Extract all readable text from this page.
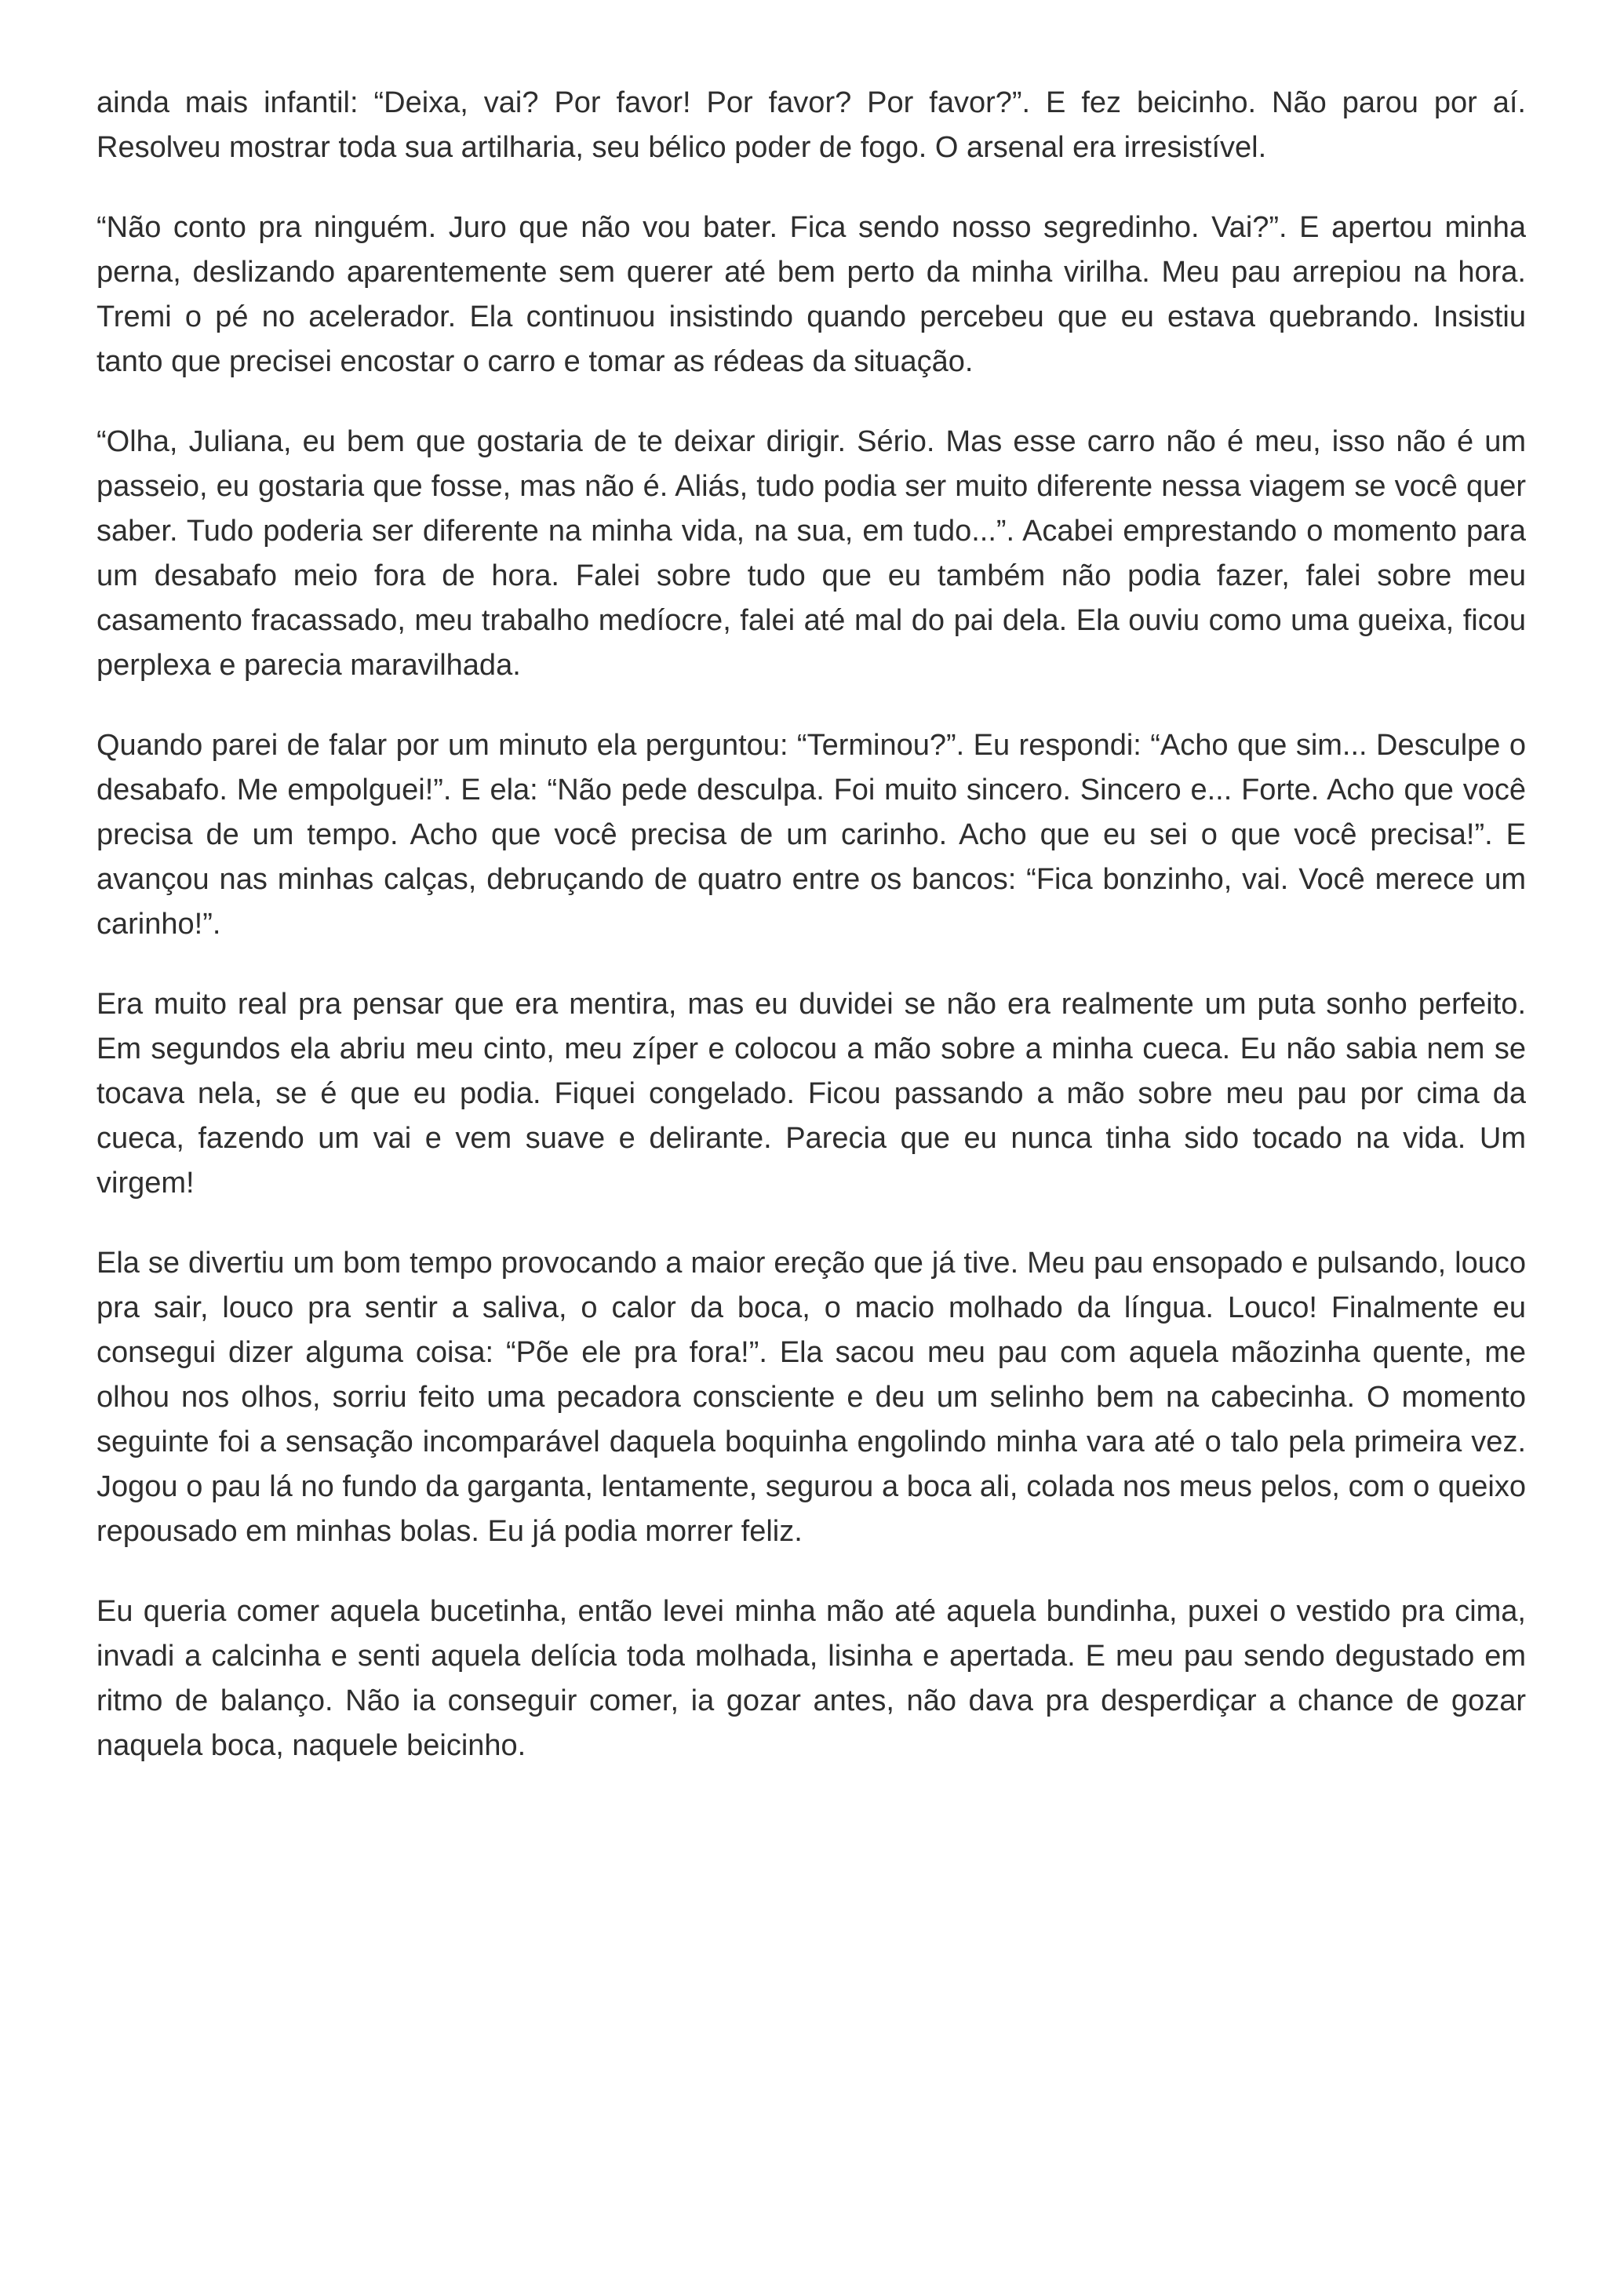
ainda mais infantil: “Deixa, vai? Por favor! Por favor? Por favor?”. E fez beicinho. Não parou por aí. Resolveu mostrar toda sua artilharia, seu bélico poder de fogo. O arsenal era irresistível.

“Não conto pra ninguém. Juro que não vou bater. Fica sendo nosso segredinho. Vai?”. E apertou minha perna, deslizando aparentemente sem querer até bem perto da minha virilha. Meu pau arrepiou na hora. Tremi o pé no acelerador. Ela continuou insistindo quando percebeu que eu estava quebrando. Insistiu tanto que precisei encostar o carro e tomar as rédeas da situação.

“Olha, Juliana, eu bem que gostaria de te deixar dirigir. Sério. Mas esse carro não é meu, isso não é um passeio, eu gostaria que fosse, mas não é. Aliás, tudo podia ser muito diferente nessa viagem se você quer saber. Tudo poderia ser diferente na minha vida, na sua, em tudo...”. Acabei emprestando o momento para um desabafo meio fora de hora. Falei sobre tudo que eu também não podia fazer, falei sobre meu casamento fracassado, meu trabalho medíocre, falei até mal do pai dela. Ela ouviu como uma gueixa, ficou perplexa e parecia maravilhada.

Quando parei de falar por um minuto ela perguntou: “Terminou?”. Eu respondi: “Acho que sim... Desculpe o desabafo. Me empolguei!”. E ela: “Não pede desculpa. Foi muito sincero. Sincero e... Forte. Acho que você precisa de um tempo. Acho que você precisa de um carinho. Acho que eu sei o que você precisa!”. E avançou nas minhas calças, debruçando de quatro entre os bancos: “Fica bonzinho, vai. Você merece um carinho!”.

Era muito real pra pensar que era mentira, mas eu duvidei se não era realmente um puta sonho perfeito. Em segundos ela abriu meu cinto, meu zíper e colocou a mão sobre a minha cueca. Eu não sabia nem se tocava nela, se é que eu podia. Fiquei congelado. Ficou passando a mão sobre meu pau por cima da cueca, fazendo um vai e vem suave e delirante. Parecia que eu nunca tinha sido tocado na vida. Um virgem!

Ela se divertiu um bom tempo provocando a maior ereção que já tive. Meu pau ensopado e pulsando, louco pra sair, louco pra sentir a saliva, o calor da boca, o macio molhado da língua. Louco! Finalmente eu consegui dizer alguma coisa: “Põe ele pra fora!”. Ela sacou meu pau com aquela mãozinha quente, me olhou nos olhos, sorriu feito uma pecadora consciente e deu um selinho bem na cabecinha. O momento seguinte foi a sensação incomparável daquela boquinha engolindo minha vara até o talo pela primeira vez. Jogou o pau lá no fundo da garganta, lentamente, segurou a boca ali, colada nos meus pelos, com o queixo repousado em minhas bolas. Eu já podia morrer feliz.

Eu queria comer aquela bucetinha, então levei minha mão até aquela bundinha, puxei o vestido pra cima, invadi a calcinha e senti aquela delícia toda molhada, lisinha e apertada. E meu pau sendo degustado em ritmo de balanço. Não ia conseguir comer, ia gozar antes, não dava pra desperdiçar a chance de gozar naquela boca, naquele beicinho.
